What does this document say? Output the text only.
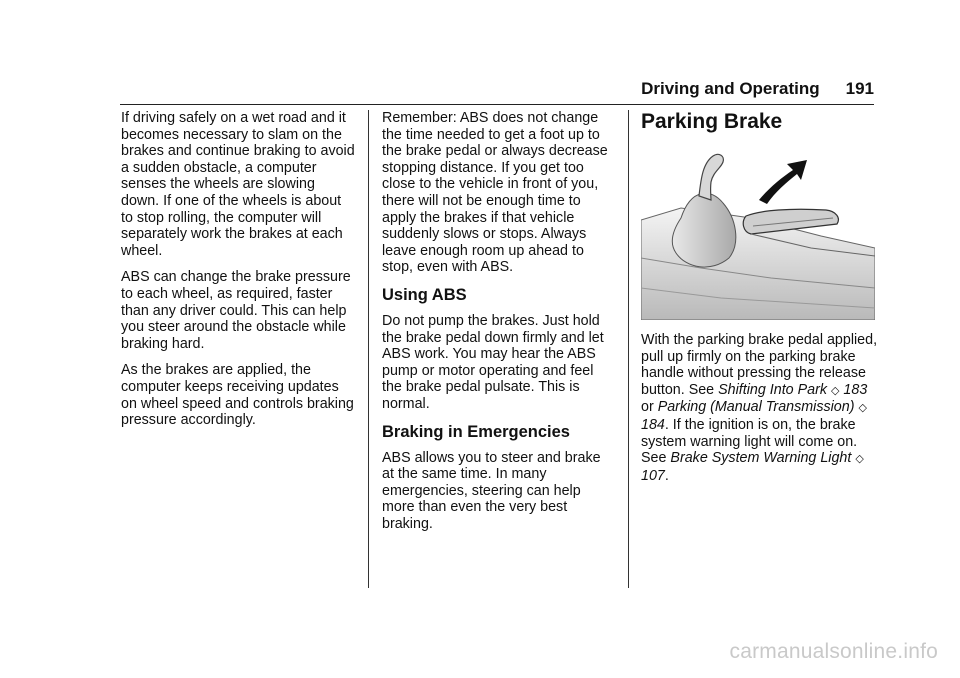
Driving and Operating 191

If driving safely on a wet road and it becomes necessary to slam on the brakes and continue braking to avoid a sudden obstacle, a computer senses the wheels are slowing down. If one of the wheels is about to stop rolling, the computer will separately work the brakes at each wheel.

ABS can change the brake pressure to each wheel, as required, faster than any driver could. This can help you steer around the obstacle while braking hard.

As the brakes are applied, the computer keeps receiving updates on wheel speed and controls braking pressure accordingly.

Remember: ABS does not change the time needed to get a foot up to the brake pedal or always decrease stopping distance. If you get too close to the vehicle in front of you, there will not be enough time to apply the brakes if that vehicle suddenly slows or stops. Always leave enough room up ahead to stop, even with ABS.

Using ABS

Do not pump the brakes. Just hold the brake pedal down firmly and let ABS work. You may hear the ABS pump or motor operating and feel the brake pedal pulsate. This is normal.

Braking in Emergencies

ABS allows you to steer and brake at the same time. In many emergencies, steering can help more than even the very best braking.

Parking Brake

With the parking brake pedal applied, pull up firmly on the parking brake handle without pressing the release button. See Shifting Into Park ◇ 183 or Parking (Manual Transmission) ◇ 184. If the ignition is on, the brake system warning light will come on. See Brake System Warning Light ◇ 107.

carmanualsonline.info
